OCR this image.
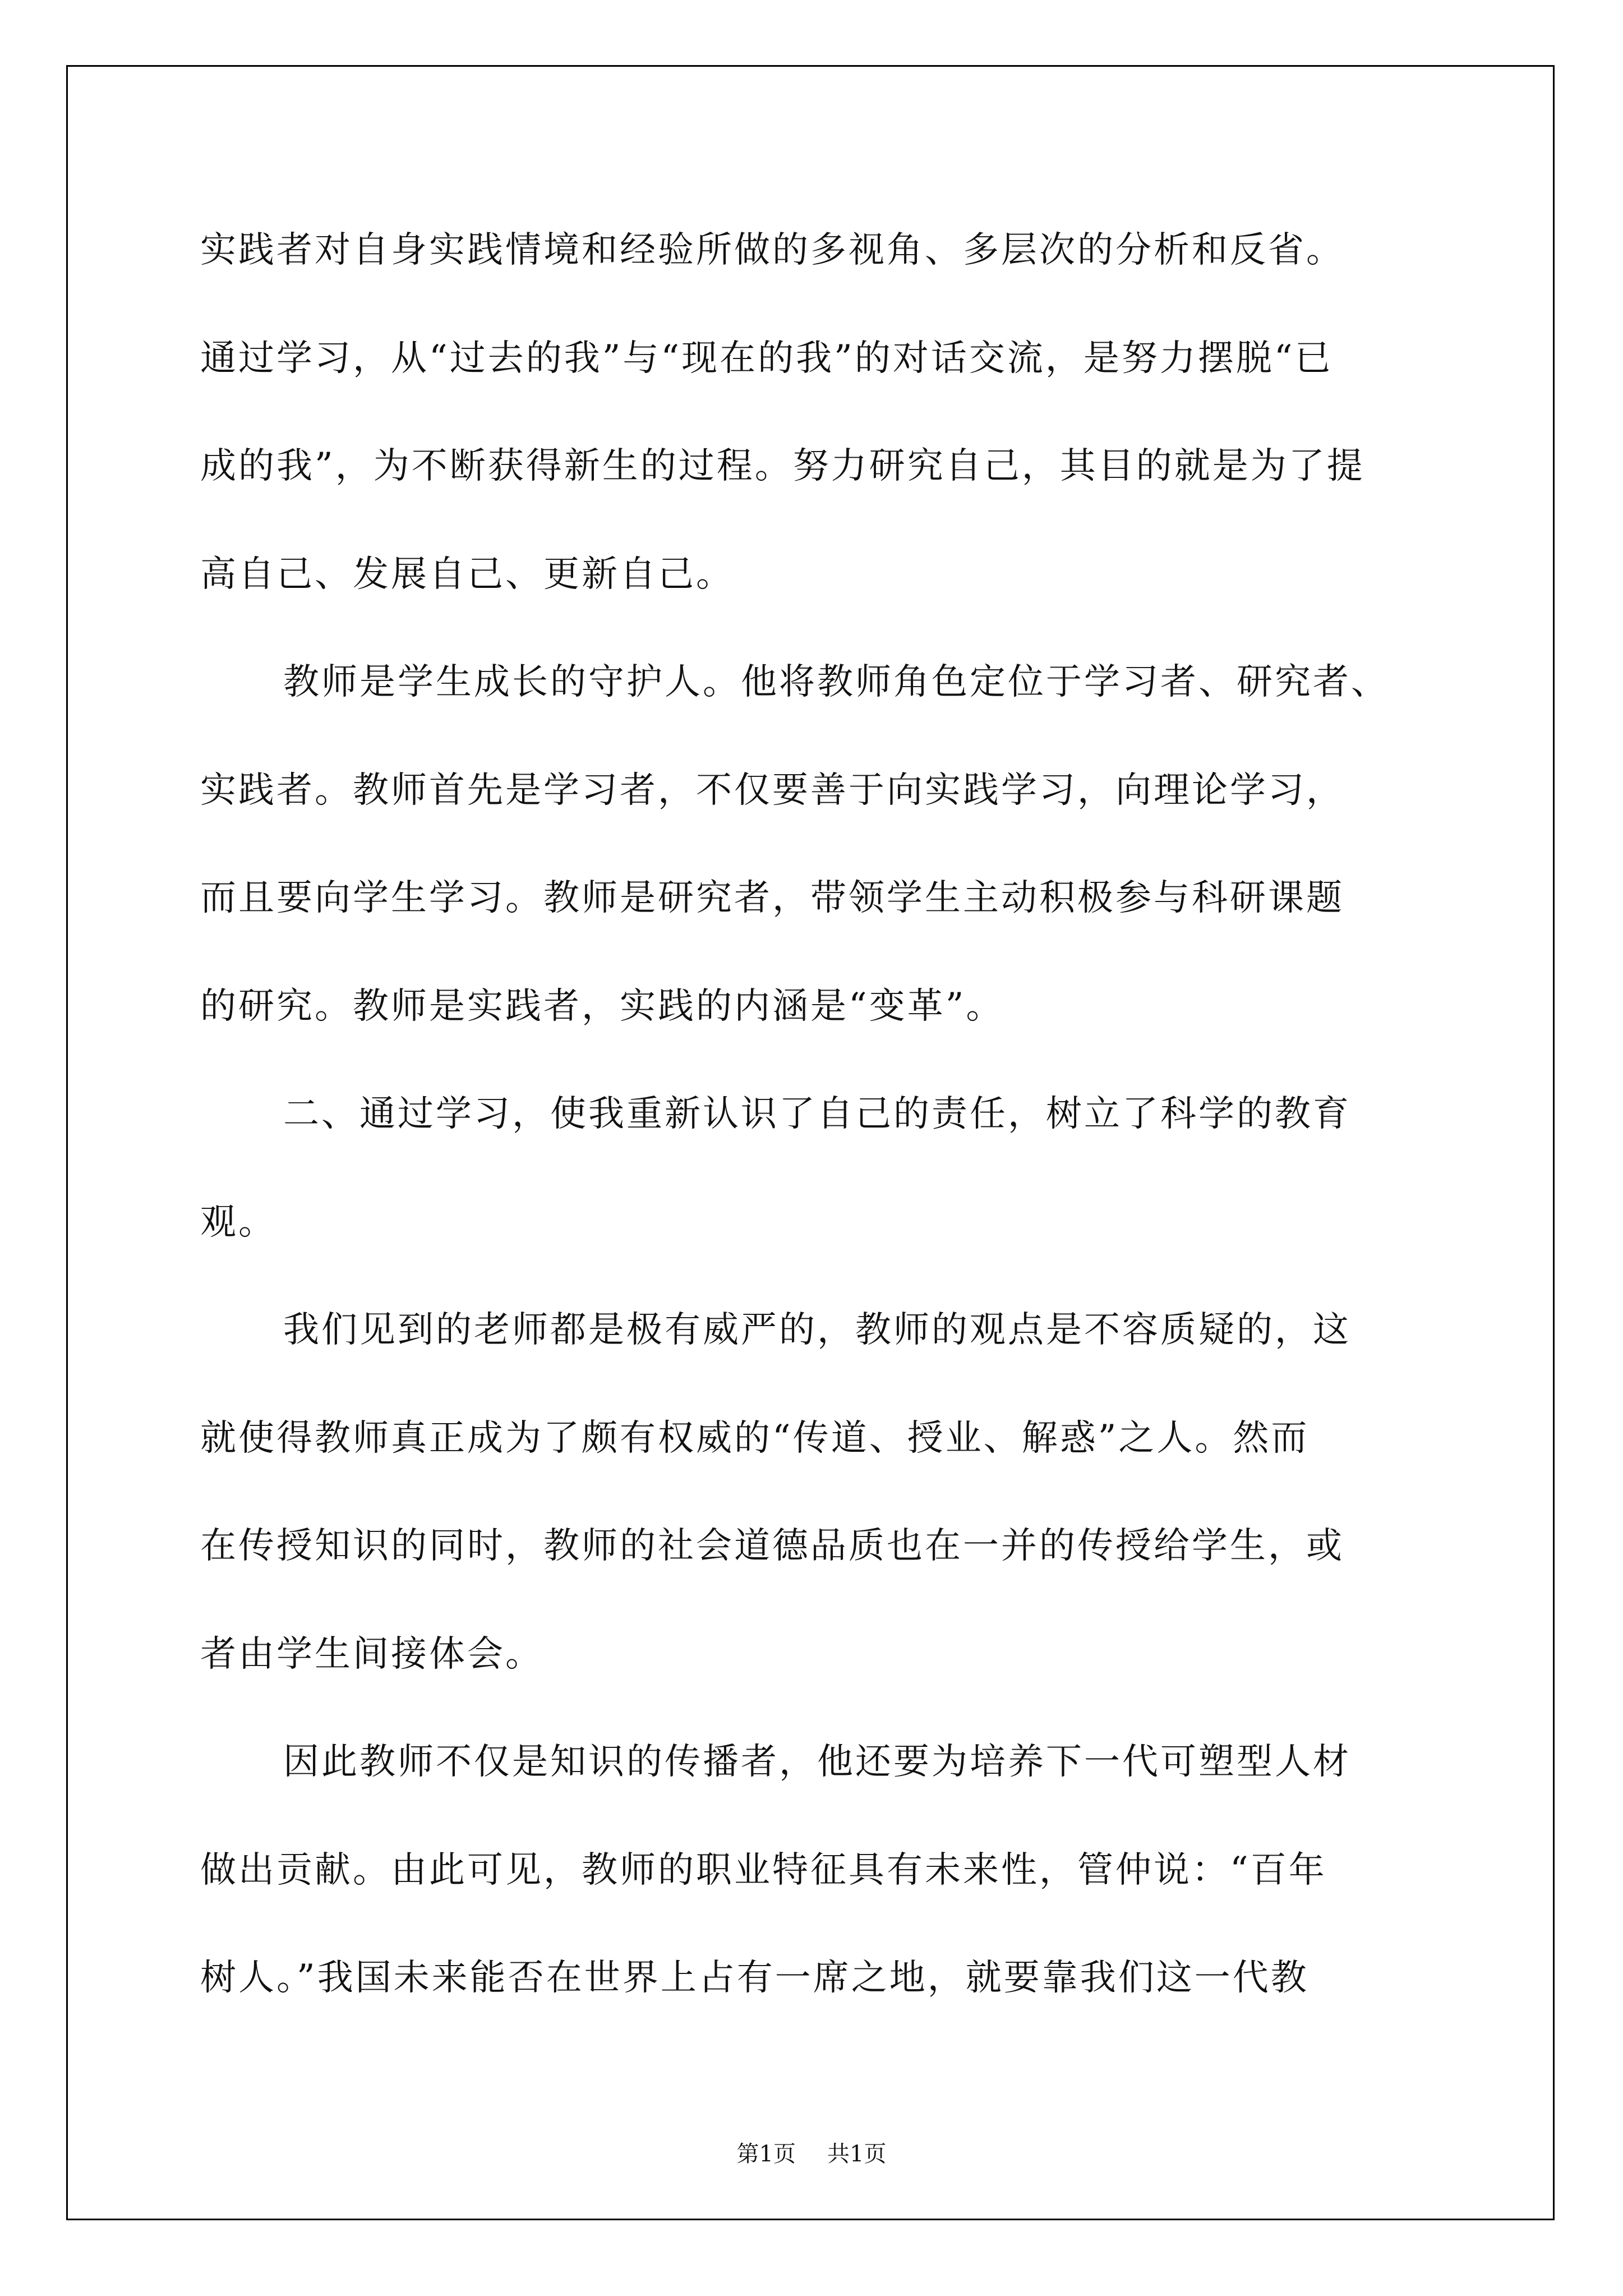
实践者对自身实践情境和经验所做的多视角、多层次的分析和反省。

通过学习，从“过去的我”与“现在的我”的对话交流，是努力摆脱“已

成的我”，为不断获得新生的过程。努力研究自己，其目的就是为了提

高自己、发展自己、更新自己。

教师是学生成长的守护人。他将教师角色定位于学习者、研究者、

实践者。教师首先是学习者，不仅要善于向实践学习，向理论学习，

而且要向学生学习。教师是研究者，带领学生主动积极参与科研课题

的研究。教师是实践者，实践的内涵是“变革”。

二、通过学习，使我重新认识了自己的责任，树立了科学的教育

观。

我们见到的老师都是极有威严的，教师的观点是不容质疑的，这

就使得教师真正成为了颇有权威的“传道、授业、解惑”之人。然而

在传授知识的同时，教师的社会道德品质也在一并的传授给学生，或

者由学生间接体会。

因此教师不仅是知识的传播者，他还要为培养下一代可塑型人材

做出贡献。由此可见，教师的职业特征具有未来性，管仲说：“百年

树人。”我国未来能否在世界上占有一席之地，就要靠我们这一代教

第1页 共1页
